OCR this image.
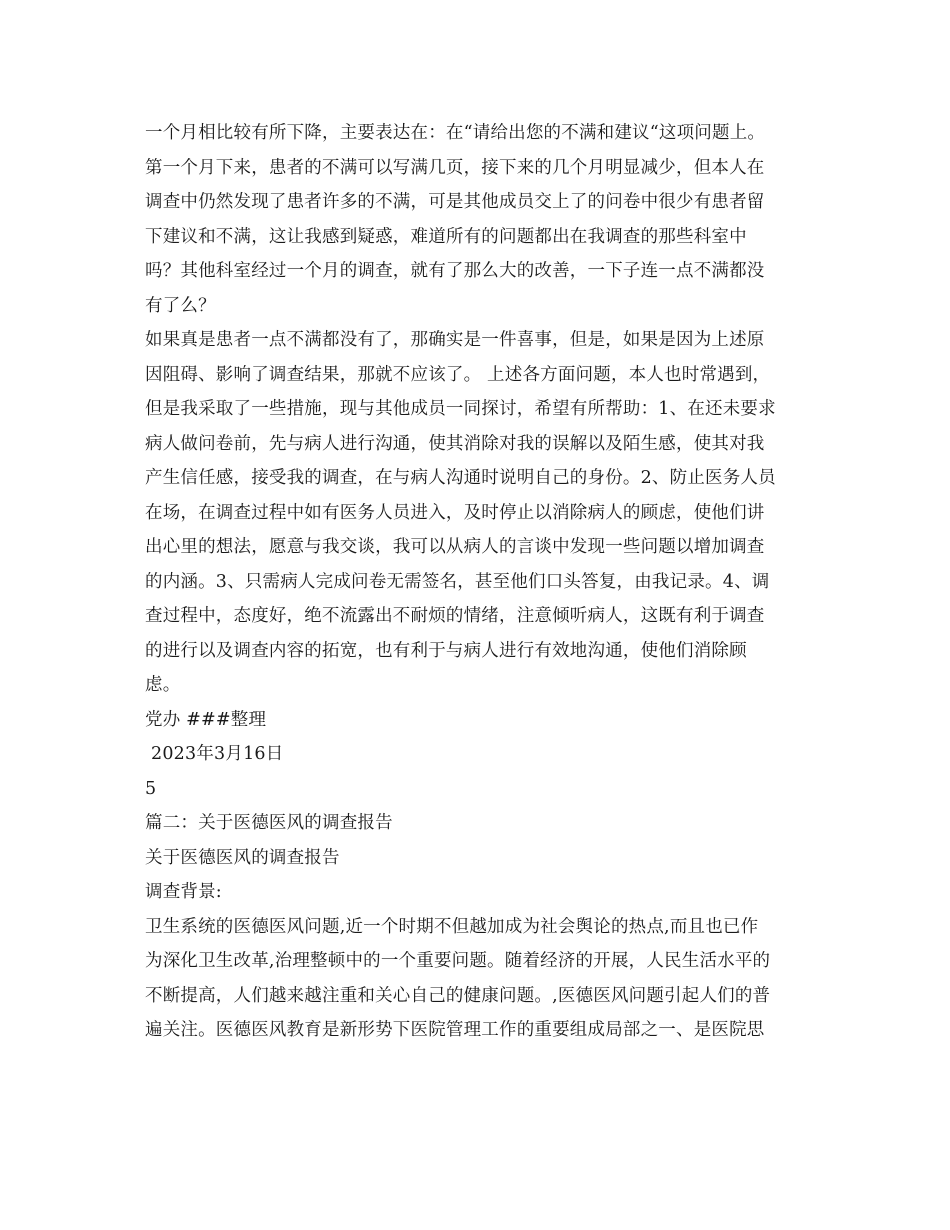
一个月相比较有所下降，主要表达在：在“请给出您的不满和建议“这项问题上。
第一个月下来，患者的不满可以写满几页，接下来的几个月明显减少，但本人在
调查中仍然发现了患者许多的不满，可是其他成员交上了的问卷中很少有患者留
下建议和不满，这让我感到疑惑，难道所有的问题都出在我调查的那些科室中
吗？其他科室经过一个月的调查，就有了那么大的改善，一下子连一点不满都没
有了么？
如果真是患者一点不满都没有了，那确实是一件喜事，但是，如果是因为上述原
因阻碍、影响了调查结果，那就不应该了。 上述各方面问题，本人也时常遇到，
但是我采取了一些措施，现与其他成员一同探讨，希望有所帮助：1、在还未要求
病人做问卷前，先与病人进行沟通，使其消除对我的误解以及陌生感，使其对我
产生信任感，接受我的调查，在与病人沟通时说明自己的身份。2、防止医务人员
在场，在调查过程中如有医务人员进入，及时停止以消除病人的顾虑，使他们讲
出心里的想法，愿意与我交谈，我可以从病人的言谈中发现一些问题以增加调查
的内涵。3、只需病人完成问卷无需签名，甚至他们口头答复，由我记录。4、调
查过程中，态度好，绝不流露出不耐烦的情绪，注意倾听病人，这既有利于调查
的进行以及调查内容的拓宽，也有利于与病人进行有效地沟通，使他们消除顾
虑。
党办 ###整理
2023年3月16日
5
篇二：关于医德医风的调查报告
关于医德医风的调查报告
调查背景:
卫生系统的医德医风问题,近一个时期不但越加成为社会舆论的热点,而且也已作
为深化卫生改革,治理整顿中的一个重要问题。随着经济的开展，人民生活水平的
不断提高，人们越来越注重和关心自己的健康问题。,医德医风问题引起人们的普
遍关注。医德医风教育是新形势下医院管理工作的重要组成局部之一、是医院思
